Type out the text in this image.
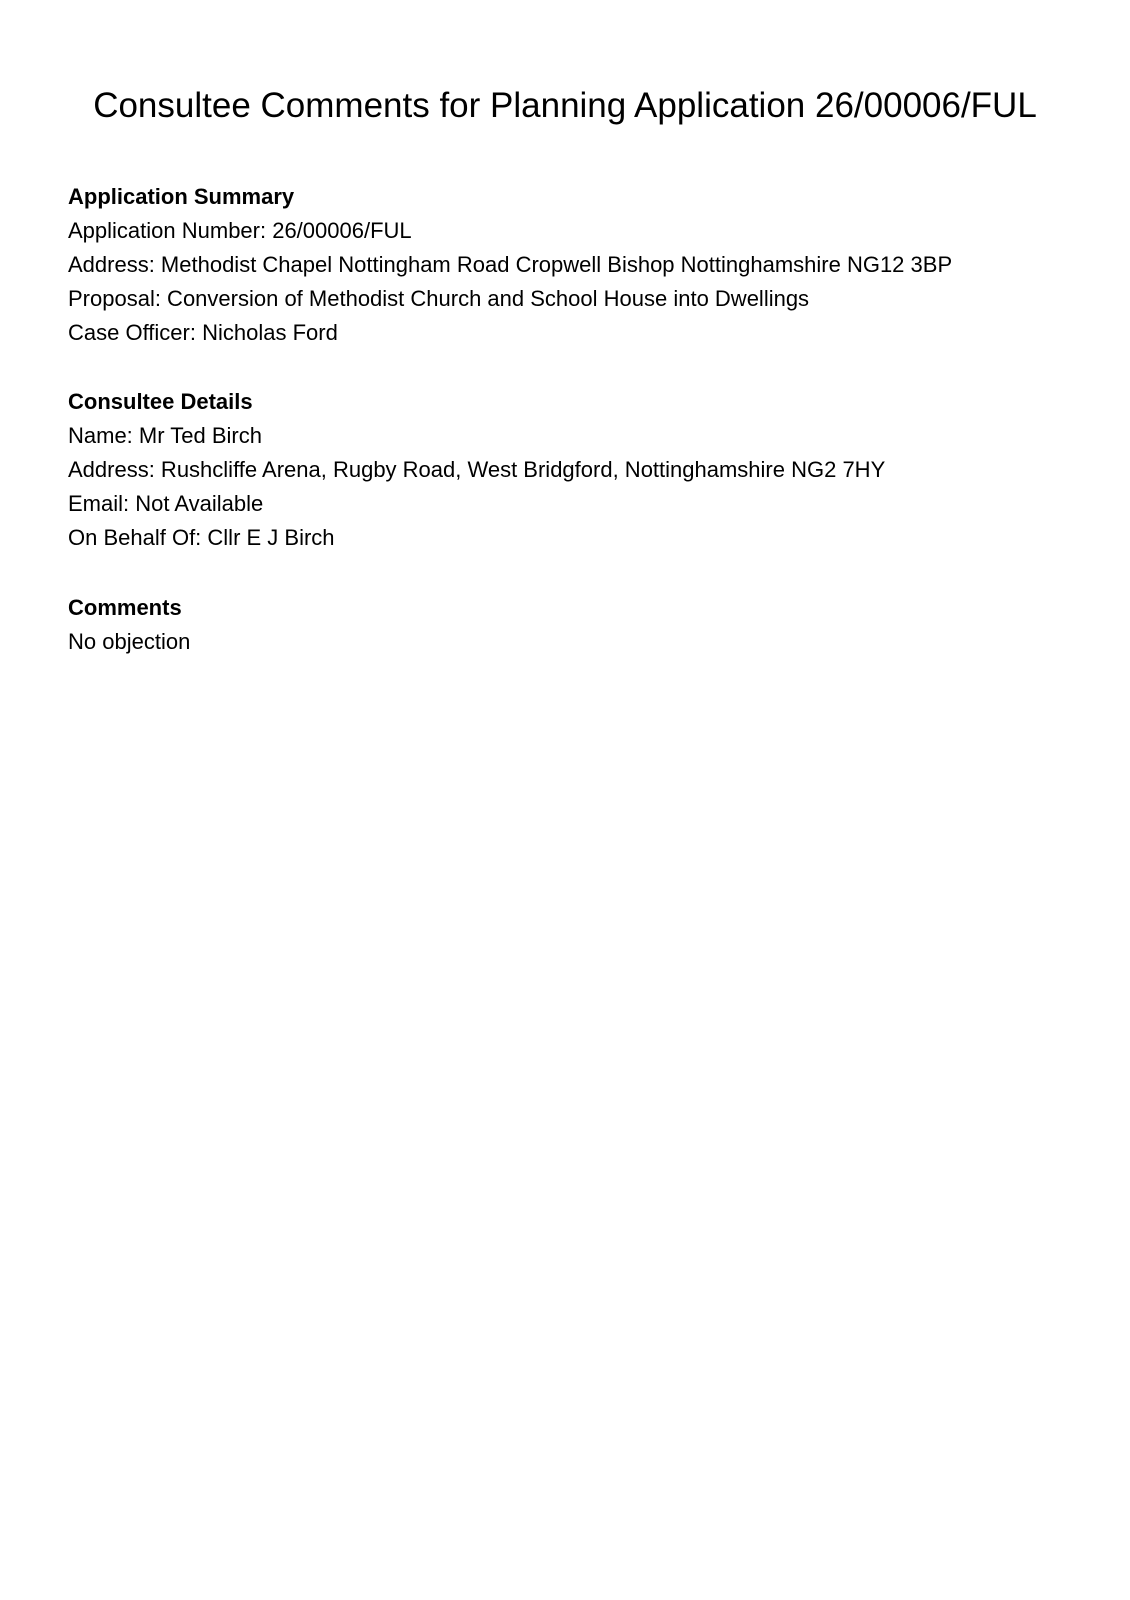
Consultee Comments for Planning Application 26/00006/FUL
Application Summary

Application Number: 26/00006/FUL

Address: Methodist Chapel Nottingham Road Cropwell Bishop Nottinghamshire NG12 3BP

Proposal: Conversion of Methodist Church and School House into Dwellings

Case Officer: Nicholas Ford

Consultee Details

Name: Mr Ted Birch

Address: Rushcliffe Arena, Rugby Road, West Bridgford, Nottinghamshire NG2 7HY

Email: Not Available

On Behalf Of: Cllr E J Birch

Comments

No objection
